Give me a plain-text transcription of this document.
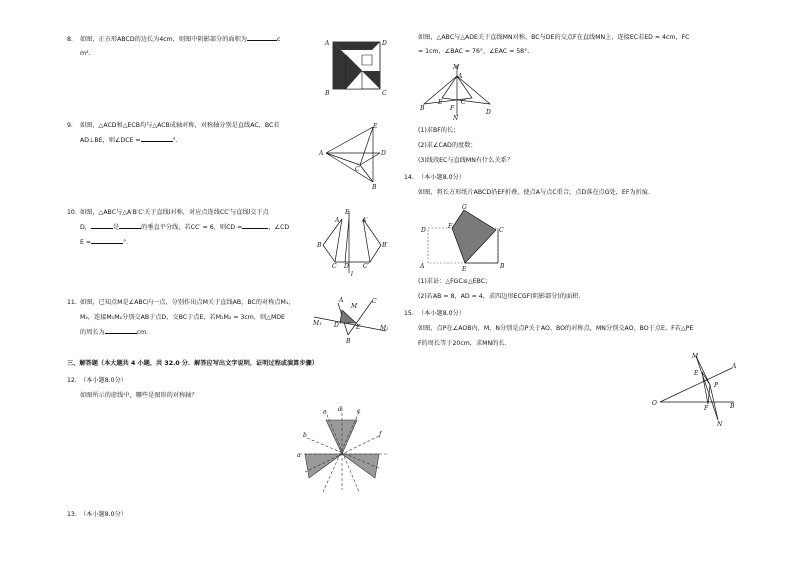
8. 如图，正方形ABCD的边长为4cm，则图中阴影部分的面积为	c
m².
A	D
B	C
9. 如图，△ACD和△ECB均与△ACB成轴对称，对称轴分别是直线AC，BC若
AD⊥BE，则∠DCE =	°.
A
E
D
C
B
10. 如图，△ABC与△A′B′C′关于直线l对称，对应点连线CC′与直线l交于点
D，	是	的垂直平分线，若CC′ = 6，则CD =	，∠CD
E =	°.
E
A	A′
B	B′
C D C′
l
11. 如图，已知点M是∠ABC内一点，分别作出点M关于直线AB，BC的对称点M₁，
M₂，连接M₁M₂分别交AB于点D，交BC于点E，若M₁M₂ = 3cm，则△MDE
的周长为	cm.
A
M
C
M₁
M₂
D	E
B
三、解答题（本大题共 4 小题，共 32.0 分．解答应写出文字说明，证明过程或演算步骤）
12. （本小题8.0分）
如图所示的虚线中，哪些是图形的对称轴？
c d	e
b	f
a
13. （本小题8.0分）
如图，△ABC与△ADE关于直线MN对称，BC与DE的交点F在直线MN上，连接EC若ED = 4cm，FC
= 1cm，∠BAC = 76°，∠EAC = 58°.
M
A
E	C
F
B
D
N
(1)求BF的长；
(2)求∠CAD的度数；
(3)线段EC与直线MN有什么关系？
14. （本小题8.0分）
如图，将长方形纸片ABCD沿EF折叠，使点A与点C重合，点D落在点G处，EF为折痕.
G
F
D	C
A	E	B
(1)求证：△FGC≌△EBC；
(2)若AB = 8，AD = 4，求四边形ECGF(阴影部分)的面积.
15. （本小题8.0分）
如图，点P在∠AOB内，M、N分别是点P关于AO、BO的对称点，MN分别交AO、BO于点E、F若△PE
F的周长等于20cm，求MN的长.
M
A
E
P
O
F	B
N
